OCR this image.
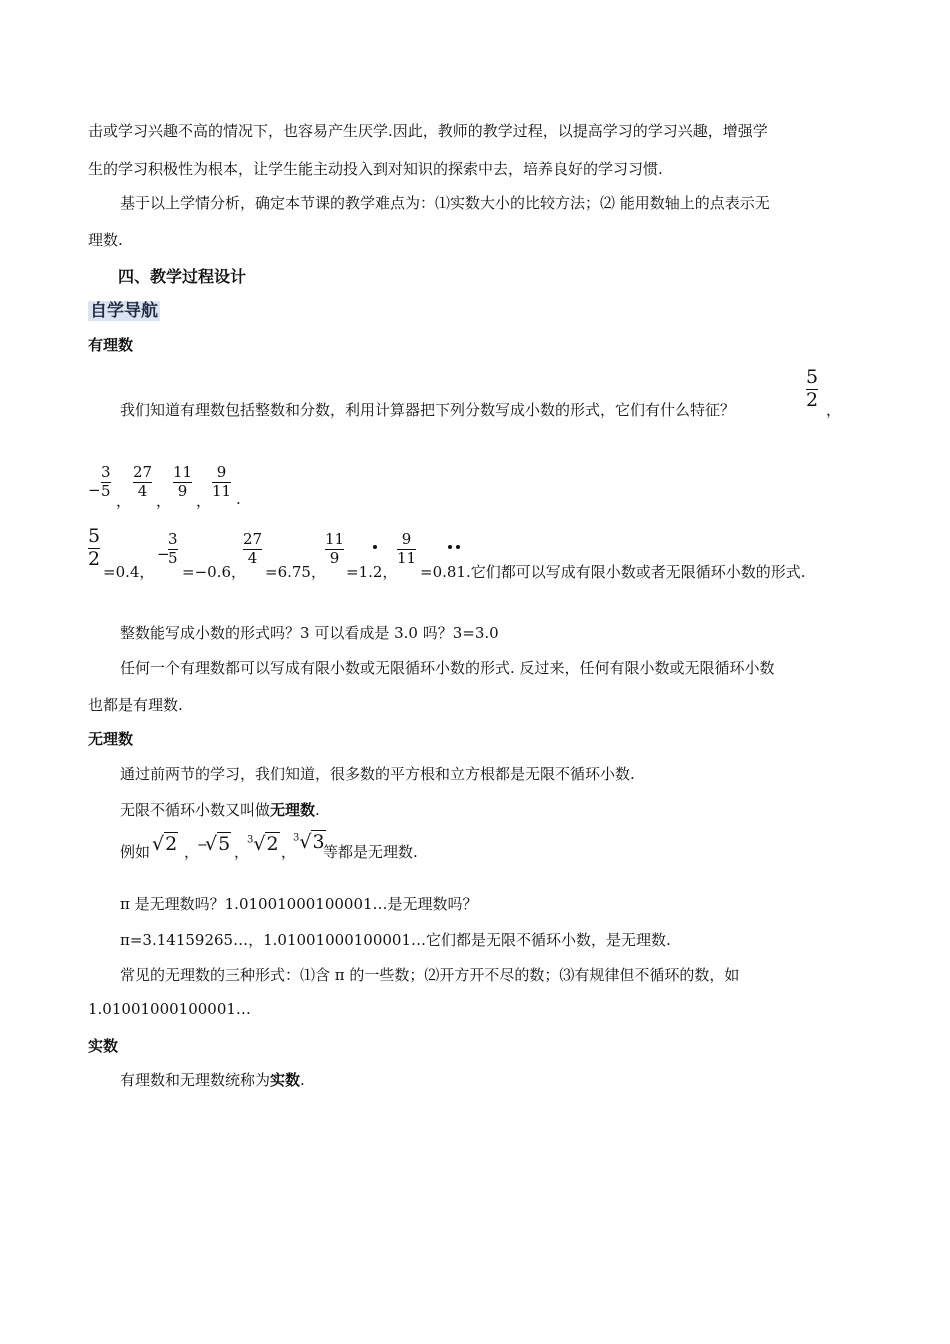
击或学习兴趣不高的情况下，也容易产生厌学.因此，教师的教学过程，以提高学习的学习兴趣，增强学
生的学习积极性为根本，让学生能主动投入到对知识的探索中去，培养良好的学习习惯.
基于以上学情分析，确定本节课的教学难点为：⑴实数大小的比较方法；⑵ 能用数轴上的点表示无
理数.
四、教学过程设计
自学导航
有理数
我们知道有理数包括整数和分数，利用计算器把下列分数写成小数的形式，它们有什么特征？
5
2 ，
−
3
5
，
27
4
，
11
9
，
9
11 .
5
2
=0.4，
−
3
5
=−0.6，
27
4
=6.75，
11
9
=1.2，
9
11
=0.81.它们都可以写成有限小数或者无限循环小数的形式.
整数能写成小数的形式吗？3 可以看成是 3.0 吗？3=3.0
任何一个有理数都可以写成有限小数或无限循环小数的形式. 反过来，任何有限小数或无限循环小数
也都是有理数.
无理数
通过前两节的学习，我们知道，很多数的平方根和立方根都是无限不循环小数.
无限不循环小数又叫做无理数.
例如 √2 ，
−
√5 ，
$^3$√2 ，
$^3$√3
等都是无理数.
π 是无理数吗？1.01001000100001…是无理数吗？
π=3.14159265…，1.01001000100001…它们都是无限不循环小数，是无理数.
常见的无理数的三种形式：⑴含 π 的一些数；⑵开方开不尽的数；⑶有规律但不循环的数，如
1.01001000100001…
实数
有理数和无理数统称为实数.
